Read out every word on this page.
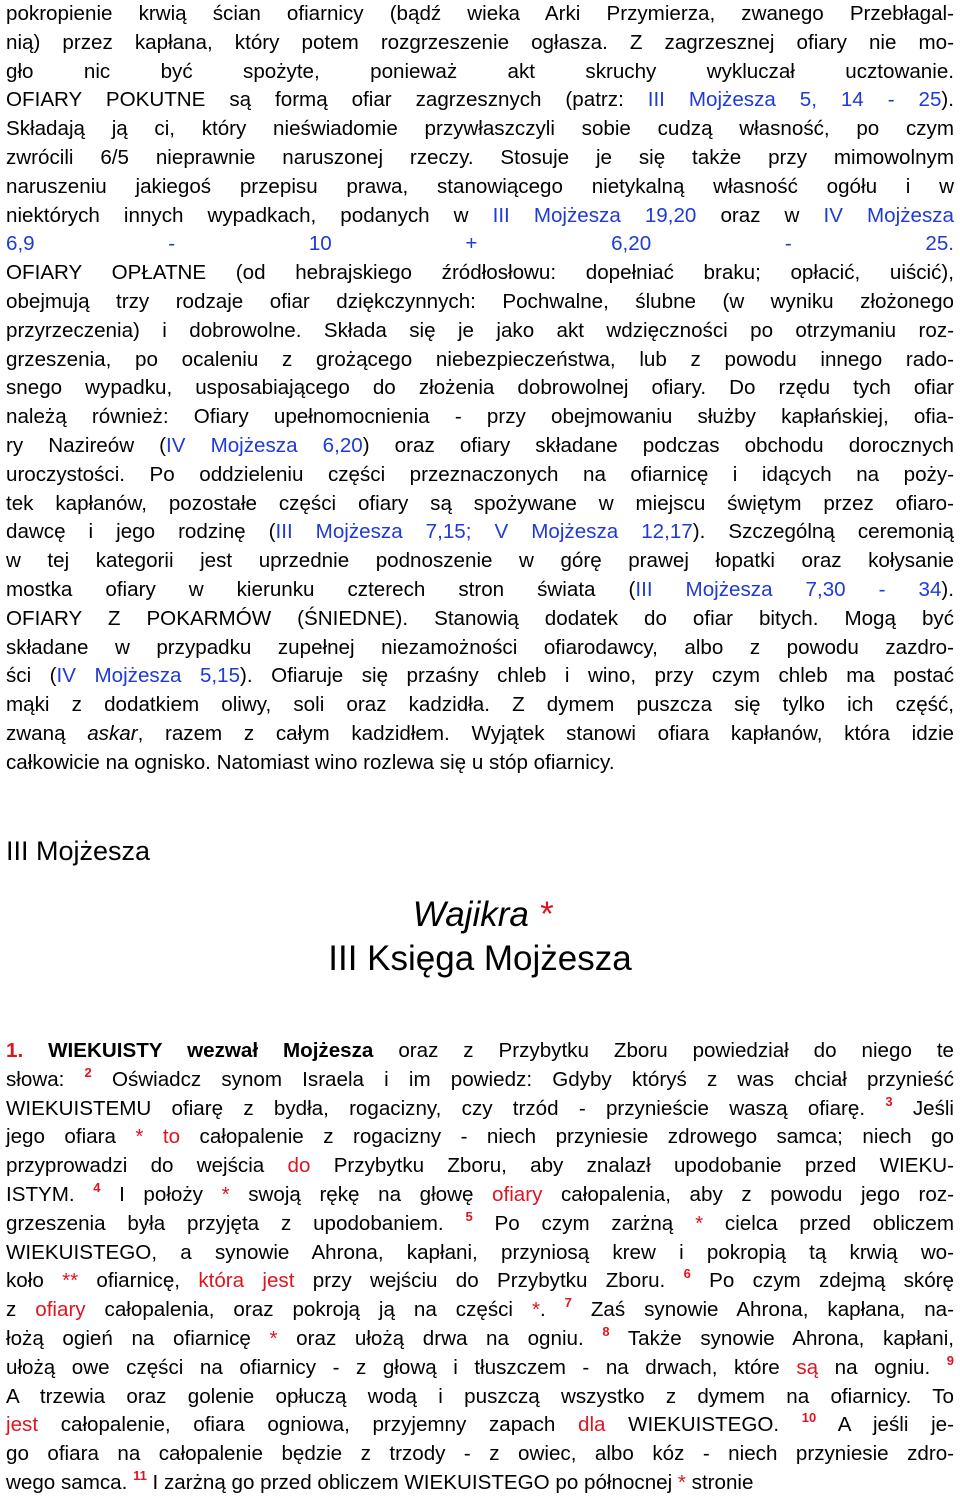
pokropienie krwią ścian ofiarnicy (bądź wieka Arki Przymierza, zwanego Przebłagal-
nią) przez kapłana, który potem rozgrzeszenie ogłasza. Z zagrzesznej ofiary nie mo-
gło nic być spożyte, ponieważ akt skruchy wykluczał ucztowanie.
OFIARY POKUTNE są formą ofiar zagrzesznych (patrz: III Mojżesza 5, 14 - 25).
Składają ją ci, który nieświadomie przywłaszczyli sobie cudzą własność, po czym
zwrócili 6/5 nieprawnie naruszonej rzeczy. Stosuje je się także przy mimowolnym
naruszeniu jakiegoś przepisu prawa, stanowiącego nietykalną własność ogółu i w
niektórych innych wypadkach, podanych w III Mojżesza 19,20 oraz w IV Mojżesza
6,9 - 10 + 6,20 - 25.
OFIARY OPŁATNE (od hebrajskiego źródłosłowu: dopełniać braku; opłacić, uiścić),
obejmują trzy rodzaje ofiar dziękczynnych: Pochwalne, ślubne (w wyniku złożonego
przyrzeczenia) i dobrowolne. Składa się je jako akt wdzięczności po otrzymaniu roz-
grzeszenia, po ocaleniu z grożącego niebezpieczeństwa, lub z powodu innego rado-
snego wypadku, usposabiającego do złożenia dobrowolnej ofiary. Do rzędu tych ofiar
należą również: Ofiary upełnomocnienia - przy obejmowaniu służby kapłańskiej, ofia-
ry Nazireów (IV Mojżesza 6,20) oraz ofiary składane podczas obchodu dorocznych
uroczystości. Po oddzieleniu części przeznaczonych na ofiarnicę i idących na poży-
tek kapłanów, pozostałe części ofiary są spożywane w miejscu świętym przez ofiaro-
dawcę i jego rodzinę (III Mojżesza 7,15; V Mojżesza 12,17). Szczególną ceremonią
w tej kategorii jest uprzednie podnoszenie w górę prawej łopatki oraz kołysanie
mostka ofiary w kierunku czterech stron świata (III Mojżesza 7,30 - 34).
OFIARY Z POKARMÓW (ŚNIEDNE). Stanowią dodatek do ofiar bitych. Mogą być
składane w przypadku zupełnej niezamożności ofiarodawcy, albo z powodu zazdro-
ści (IV Mojżesza 5,15). Ofiaruje się przaśny chleb i wino, przy czym chleb ma postać
mąki z dodatkiem oliwy, soli oraz kadzidła. Z dymem puszcza się tylko ich część,
zwaną askar, razem z całym kadzidłem. Wyjątek stanowi ofiara kapłanów, która idzie
całkowicie na ognisko. Natomiast wino rozlewa się u stóp ofiarnicy.
III Mojżesza
Wajikra *
III Księga Mojżesza
1. WIEKUISTY wezwał Mojżesza oraz z Przybytku Zboru powiedział do niego te
słowa: $^2$ Oświadcz synom Israela i im powiedz: Gdyby któryś z was chciał przynieść
WIEKUISTEMU ofiarę z bydła, rogacizny, czy trzód - przynieście waszą ofiarę. $^3$ Jeśli
jego ofiara * to całopalenie z rogacizny - niech przyniesie zdrowego samca; niech go
przyprowadzi do wejścia do Przybytku Zboru, aby znalazł upodobanie przed WIEKU-
ISTYM. $^4$ I położy * swoją rękę na głowę ofiary całopalenia, aby z powodu jego roz-
grzeszenia była przyjęta z upodobaniem. $^5$ Po czym zarżną * cielca przed obliczem
WIEKUISTEGO, a synowie Ahrona, kapłani, przyniosą krew i pokropią tą krwią wo-
koło ** ofiarnicę, która jest przy wejściu do Przybytku Zboru. $^6$ Po czym zdejmą skórę
z ofiary całopalenia, oraz pokroją ją na części *. $^7$ Zaś synowie Ahrona, kapłana, na-
łożą ogień na ofiarnicę * oraz ułożą drwa na ogniu. $^8$ Także synowie Ahrona, kapłani,
ułożą owe części na ofiarnicy - z głową i tłuszczem - na drwach, które są na ogniu. $^9$
A trzewia oraz golenie opłuczą wodą i puszczą wszystko z dymem na ofiarnicy. To
jest całopalenie, ofiara ogniowa, przyjemny zapach dla WIEKUISTEGO. $^{10}$ A jeśli je-
go ofiara na całopalenie będzie z trzody - z owiec, albo kóz - niech przyniesie zdro-
wego samca. $^{11}$ I zarżną go przed obliczem WIEKUISTEGO po północnej * stronie
